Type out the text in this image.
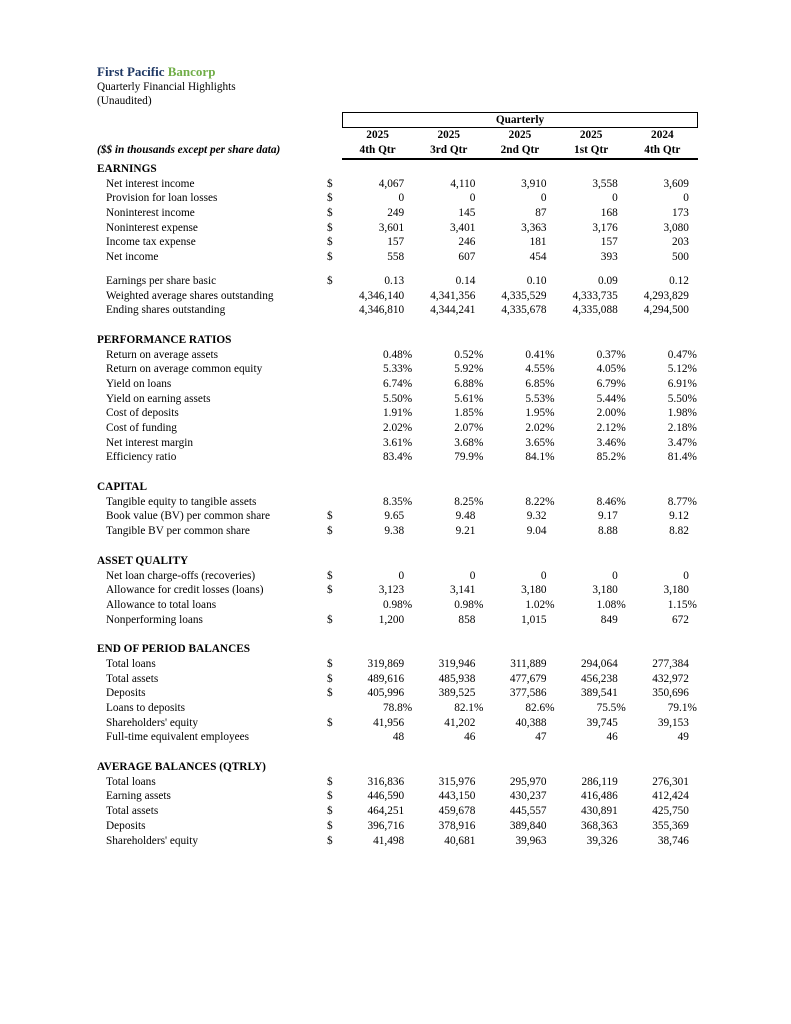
First Pacific Bancorp
Quarterly Financial Highlights
(Unaudited)
Quarterly
2025	2025	2025	2025	2024
($$ in thousands except per share data)	4th Qtr	3rd Qtr	2nd Qtr	1st Qtr	4th Qtr
EARNINGS
Net interest income	$	4,067	4,110	3,910	3,558	3,609
Provision for loan losses	$	0	0	0	0	0
Noninterest income	$	249	145	87	168	173
Noninterest expense	$	3,601	3,401	3,363	3,176	3,080
Income tax expense	$	157	246	181	157	203
Net income	$	558	607	454	393	500
Earnings per share basic	$	0.13	0.14	0.10	0.09	0.12
Weighted average shares outstanding	4,346,140	4,341,356	4,335,529	4,333,735	4,293,829
Ending shares outstanding	4,346,810	4,344,241	4,335,678	4,335,088	4,294,500
PERFORMANCE RATIOS
Return on average assets	0.48%	0.52%	0.41%	0.37%	0.47%
Return on average common equity	5.33%	5.92%	4.55%	4.05%	5.12%
Yield on loans	6.74%	6.88%	6.85%	6.79%	6.91%
Yield on earning assets	5.50%	5.61%	5.53%	5.44%	5.50%
Cost of deposits	1.91%	1.85%	1.95%	2.00%	1.98%
Cost of funding	2.02%	2.07%	2.02%	2.12%	2.18%
Net interest margin	3.61%	3.68%	3.65%	3.46%	3.47%
Efficiency ratio	83.4%	79.9%	84.1%	85.2%	81.4%
CAPITAL
Tangible equity to tangible assets	8.35%	8.25%	8.22%	8.46%	8.77%
Book value (BV) per common share	$	9.65	9.48	9.32	9.17	9.12
Tangible BV per common share	$	9.38	9.21	9.04	8.88	8.82
ASSET QUALITY
Net loan charge-offs (recoveries)	$	0	0	0	0	0
Allowance for credit losses (loans)	$	3,123	3,141	3,180	3,180	3,180
Allowance to total loans	0.98%	0.98%	1.02%	1.08%	1.15%
Nonperforming loans	$	1,200	858	1,015	849	672
END OF PERIOD BALANCES
Total loans	$	319,869	319,946	311,889	294,064	277,384
Total assets	$	489,616	485,938	477,679	456,238	432,972
Deposits	$	405,996	389,525	377,586	389,541	350,696
Loans to deposits	78.8%	82.1%	82.6%	75.5%	79.1%
Shareholders' equity	$	41,956	41,202	40,388	39,745	39,153
Full-time equivalent employees	48	46	47	46	49
AVERAGE BALANCES (QTRLY)
Total loans	$	316,836	315,976	295,970	286,119	276,301
Earning assets	$	446,590	443,150	430,237	416,486	412,424
Total assets	$	464,251	459,678	445,557	430,891	425,750
Deposits	$	396,716	378,916	389,840	368,363	355,369
Shareholders' equity	$	41,498	40,681	39,963	39,326	38,746
